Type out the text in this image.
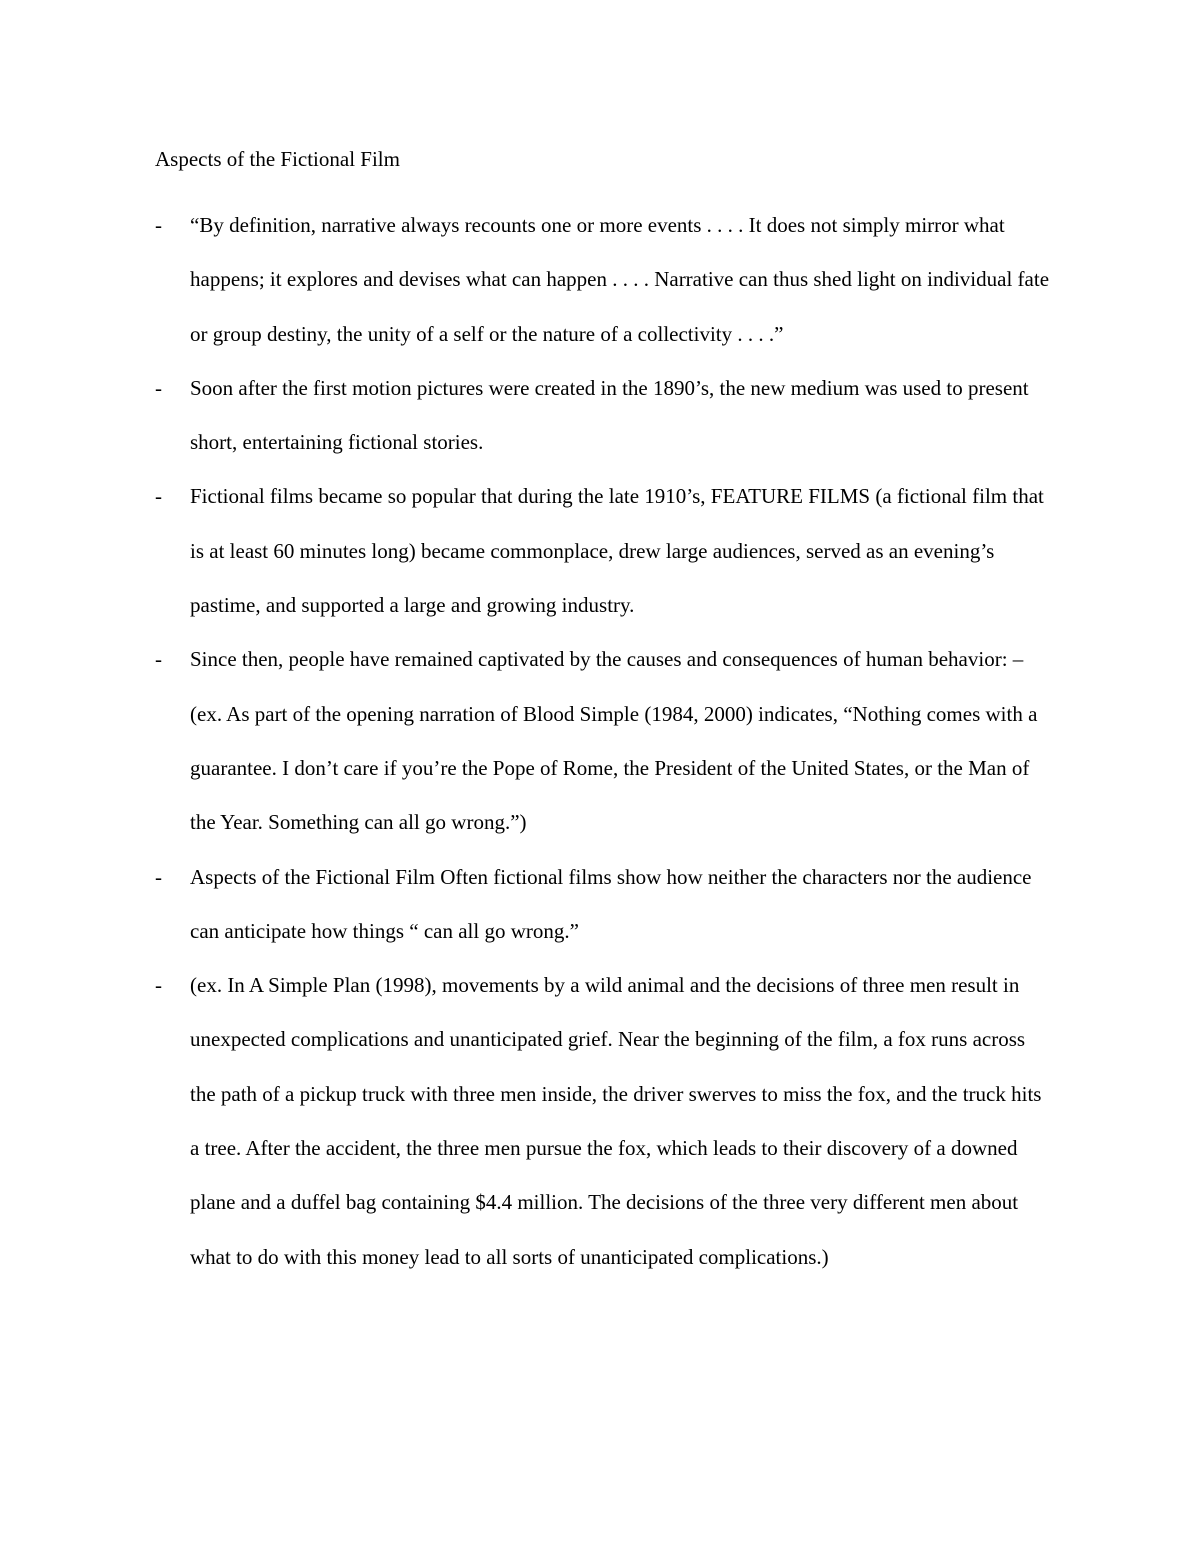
Aspects of the Fictional Film
- “By definition, narrative always recounts one or more events . . . . It does not simply mirror what happens; it explores and devises what can happen . . . . Narrative can thus shed light on individual fate or group destiny, the unity of a self or the nature of a collectivity . . . .”
- Soon after the first motion pictures were created in the 1890’s, the new medium was used to present short, entertaining fictional stories.
- Fictional films became so popular that during the late 1910’s, FEATURE FILMS (a fictional film that is at least 60 minutes long) became commonplace, drew large audiences, served as an evening’s pastime, and supported a large and growing industry.
- Since then, people have remained captivated by the causes and consequences of human behavior: – (ex. As part of the opening narration of Blood Simple (1984, 2000) indicates, “Nothing comes with a guarantee. I don’t care if you’re the Pope of Rome, the President of the United States, or the Man of the Year. Something can all go wrong.”)
- Aspects of the Fictional Film Often fictional films show how neither the characters nor the audience can anticipate how things “ can all go wrong.”
- (ex. In A Simple Plan (1998), movements by a wild animal and the decisions of three men result in unexpected complications and unanticipated grief. Near the beginning of the film, a fox runs across the path of a pickup truck with three men inside, the driver swerves to miss the fox, and the truck hits a tree. After the accident, the three men pursue the fox, which leads to their discovery of a downed plane and a duffel bag containing $4.4 million. The decisions of the three very different men about what to do with this money lead to all sorts of unanticipated complications.)
